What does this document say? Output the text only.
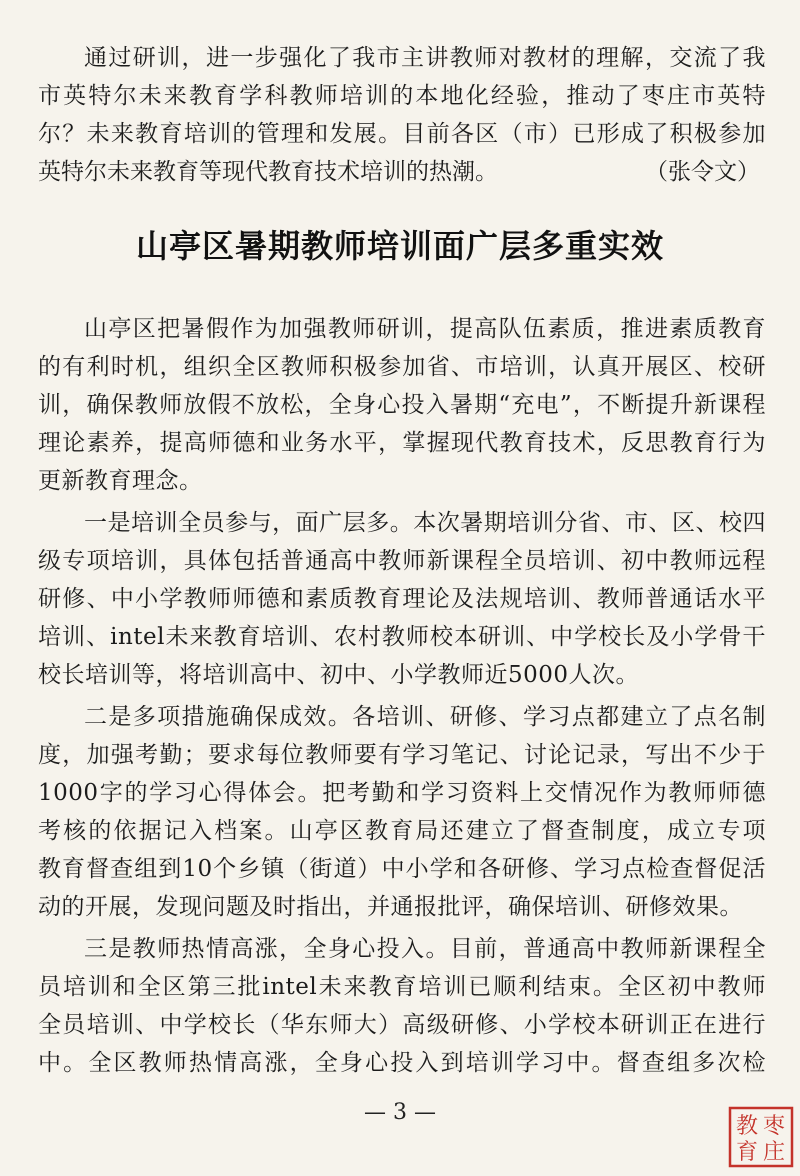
通过研训，进一步强化了我市主讲教师对教材的理解，交流了我
市英特尔未来教育学科教师培训的本地化经验，推动了枣庄市英特
尔？未来教育培训的管理和发展。目前各区（市）已形成了积极参加
英特尔未来教育等现代教育技术培训的热潮。	（张令文）
山亭区暑期教师培训面广层多重实效
山亭区把暑假作为加强教师研训，提高队伍素质，推进素质教育
的有利时机，组织全区教师积极参加省、市培训，认真开展区、校研
训，确保教师放假不放松，全身心投入暑期“充电”，不断提升新课程
理论素养，提高师德和业务水平，掌握现代教育技术，反思教育行为
更新教育理念。
一是培训全员参与，面广层多。本次暑期培训分省、市、区、校四
级专项培训，具体包括普通高中教师新课程全员培训、初中教师远程
研修、中小学教师师德和素质教育理论及法规培训、教师普通话水平
培训、intel未来教育培训、农村教师校本研训、中学校长及小学骨干
校长培训等，将培训高中、初中、小学教师近5000人次。
二是多项措施确保成效。各培训、研修、学习点都建立了点名制
度，加强考勤；要求每位教师要有学习笔记、讨论记录，写出不少于
1000字的学习心得体会。把考勤和学习资料上交情况作为教师师德
考核的依据记入档案。山亭区教育局还建立了督查制度，成立专项
教育督查组到10个乡镇（街道）中小学和各研修、学习点检查督促活
动的开展，发现问题及时指出，并通报批评，确保培训、研修效果。
三是教师热情高涨，全身心投入。目前，普通高中教师新课程全
员培训和全区第三批intel未来教育培训已顺利结束。全区初中教师
全员培训、中学校长（华东师大）高级研修、小学校本研训正在进行
中。全区教师热情高涨，全身心投入到培训学习中。督查组多次检
— 3 —
枣
庄
教
育
